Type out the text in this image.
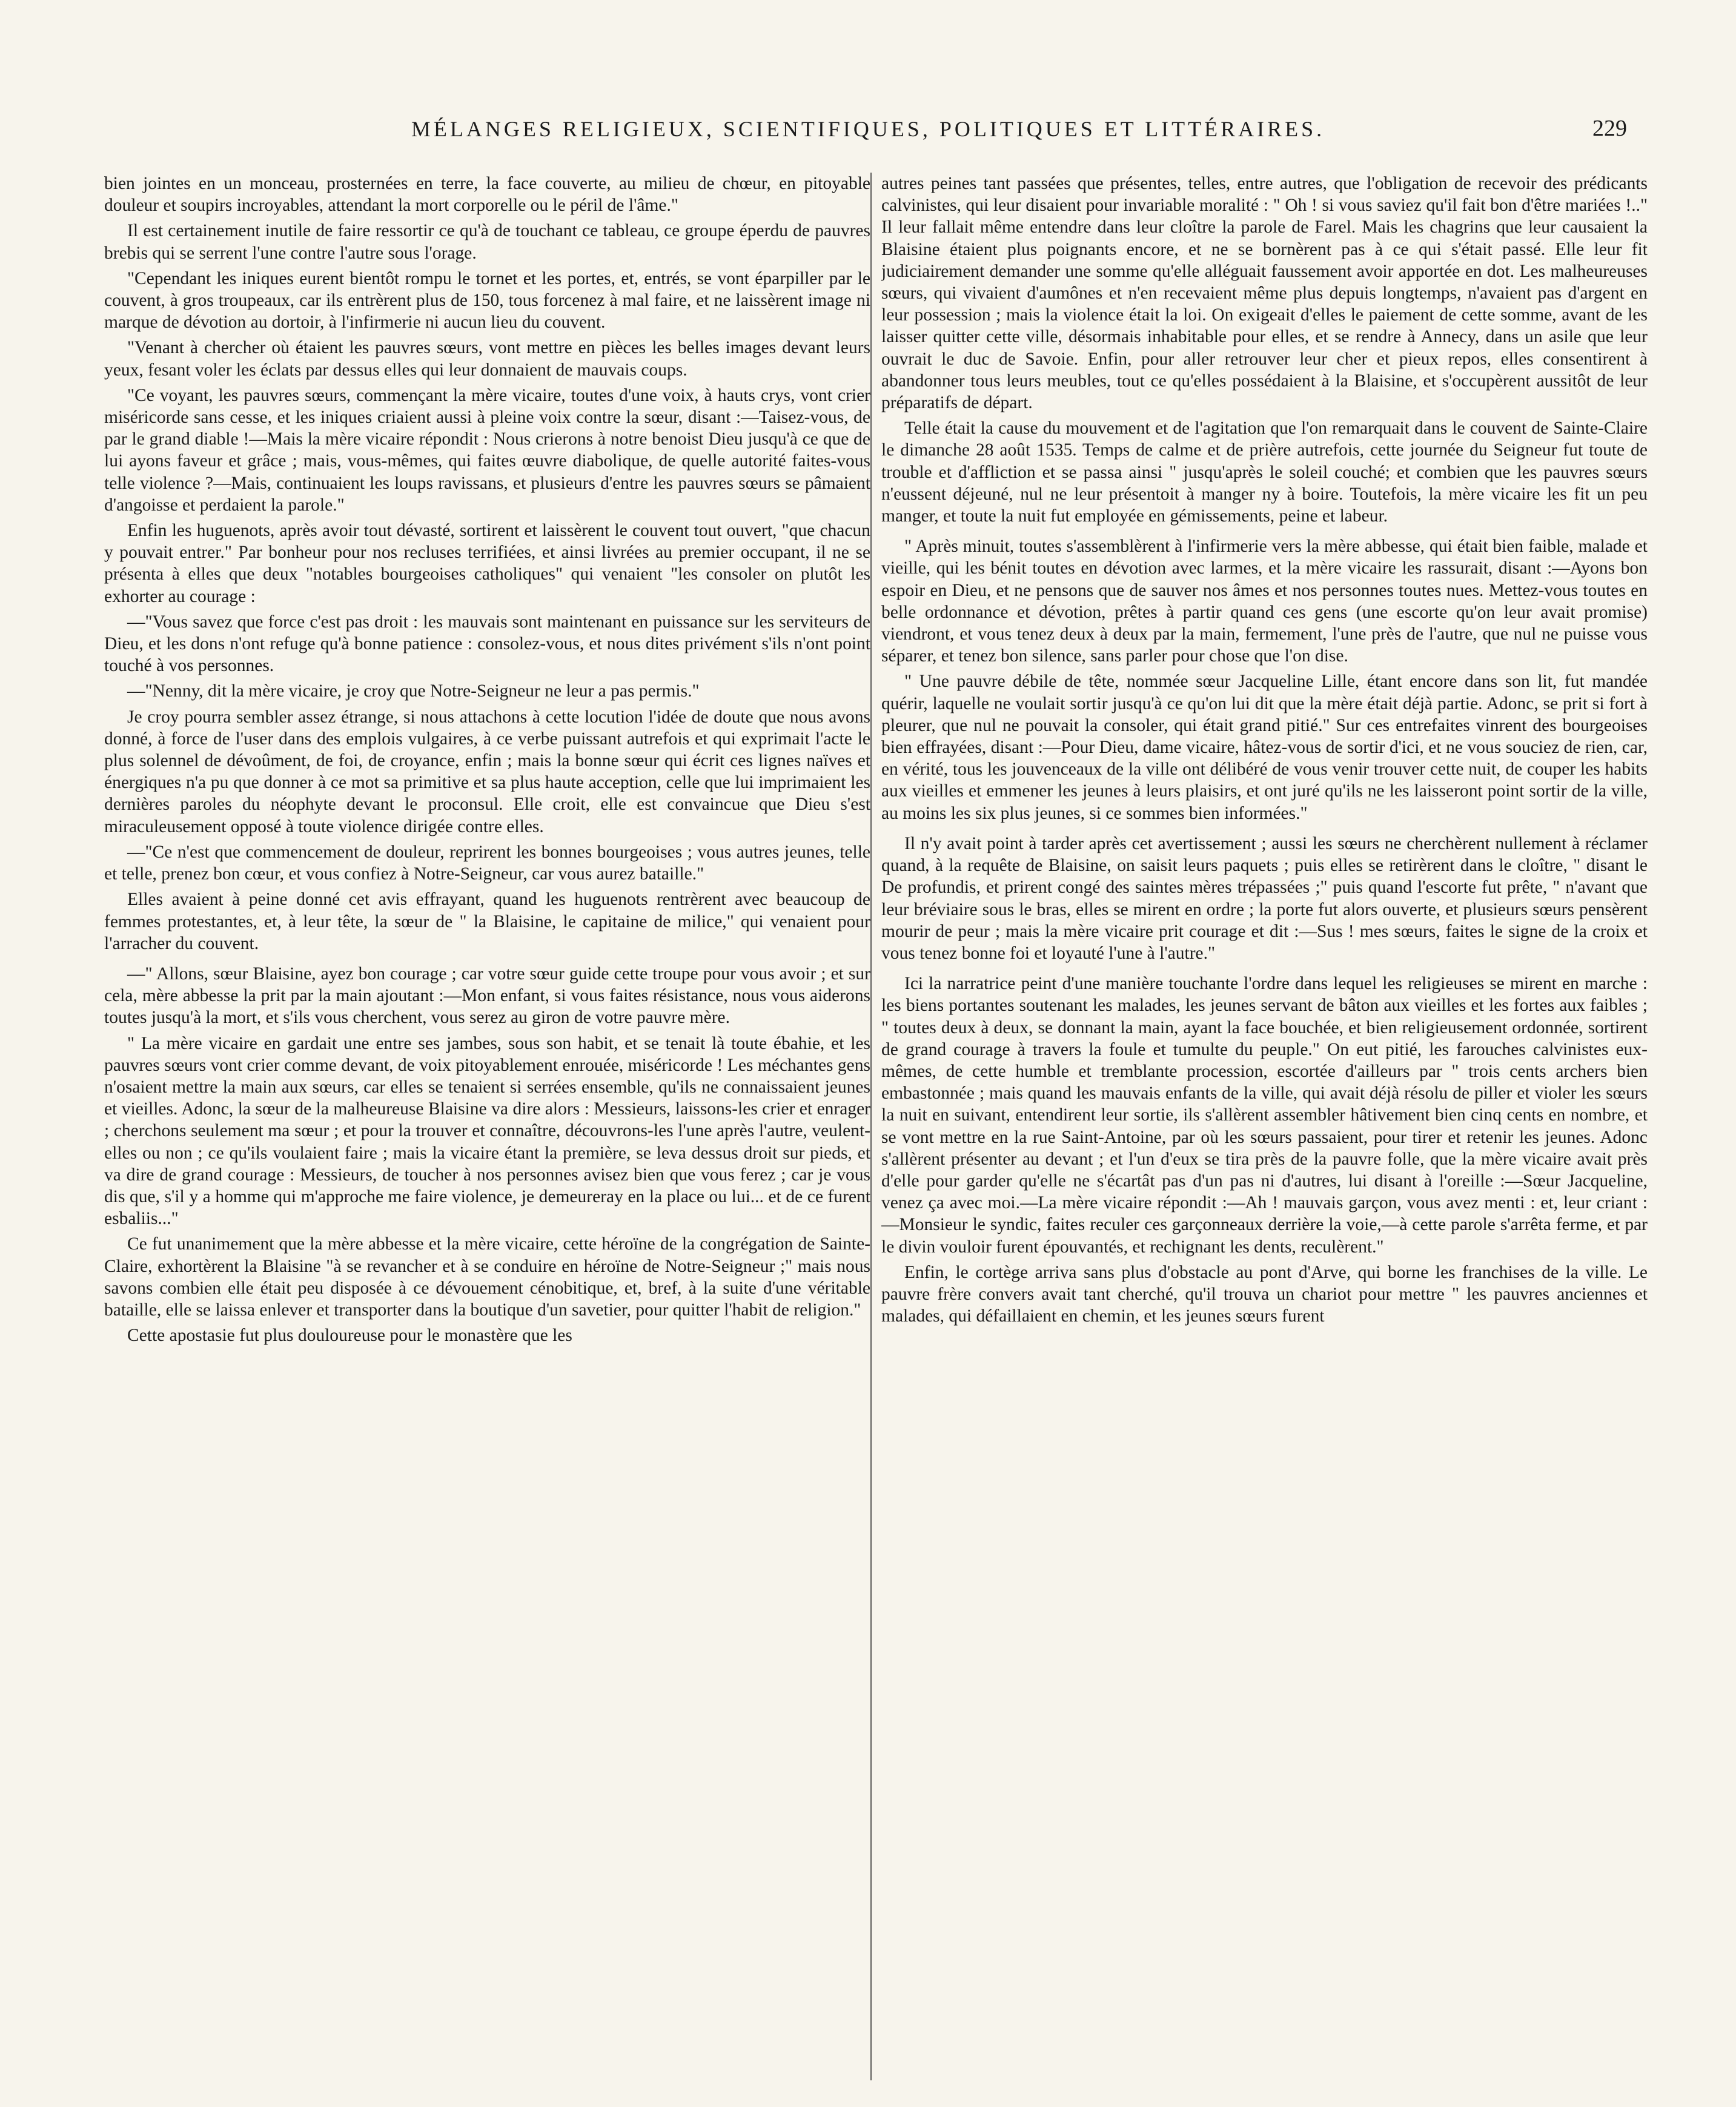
MÉLANGES RELIGIEUX, SCIENTIFIQUES, POLITIQUES ET LITTÉRAIRES.	229

bien jointes en un monceau, prosternées en terre, la face couverte, au milieu de chœur, en pitoyable douleur et soupirs incroyables, attendant la mort corporelle ou le péril de l'âme."

Il est certainement inutile de faire ressortir ce qu'à de touchant ce tableau, ce groupe éperdu de pauvres brebis qui se serrent l'une contre l'autre sous l'orage.

"Cependant les iniques eurent bientôt rompu le tornet et les portes, et, entrés, se vont éparpiller par le couvent, à gros troupeaux, car ils entrèrent plus de 150, tous forcenez à mal faire, et ne laissèrent image ni marque de dévotion au dortoir, à l'infirmerie ni aucun lieu du couvent.

"Venant à chercher où étaient les pauvres sœurs, vont mettre en pièces les belles images devant leurs yeux, fesant voler les éclats par dessus elles qui leur donnaient de mauvais coups.

"Ce voyant, les pauvres sœurs, commençant la mère vicaire, toutes d'une voix, à hauts crys, vont crier miséricorde sans cesse, et les iniques criaient aussi à pleine voix contre la sœur, disant :—Taisez-vous, de par le grand diable !—Mais la mère vicaire répondit : Nous crierons à notre benoist Dieu jusqu'à ce que de lui ayons faveur et grâce ; mais, vous-mêmes, qui faites œuvre diabolique, de quelle autorité faites-vous telle violence ?—Mais, continuaient les loups ravissans, et plusieurs d'entre les pauvres sœurs se pâmaient d'angoisse et perdaient la parole."

Enfin les huguenots, après avoir tout dévasté, sortirent et laissèrent le couvent tout ouvert, "que chacun y pouvait entrer." Par bonheur pour nos recluses terrifiées, et ainsi livrées au premier occupant, il ne se présenta à elles que deux "notables bourgeoises catholiques" qui venaient "les consoler on plutôt les exhorter au courage :

—"Vous savez que force c'est pas droit : les mauvais sont maintenant en puissance sur les serviteurs de Dieu, et les dons n'ont refuge qu'à bonne patience : consolez-vous, et nous dites privément s'ils n'ont point touché à vos personnes.

—"Nenny, dit la mère vicaire, je croy que Notre-Seigneur ne leur a pas permis."

Je croy pourra sembler assez étrange, si nous attachons à cette locution l'idée de doute que nous avons donné, à force de l'user dans des emplois vulgaires, à ce verbe puissant autrefois et qui exprimait l'acte le plus solennel de dévoûment, de foi, de croyance, enfin ; mais la bonne sœur qui écrit ces lignes naïves et énergiques n'a pu que donner à ce mot sa primitive et sa plus haute acception, celle que lui imprimaient les dernières paroles du néophyte devant le proconsul. Elle croit, elle est convaincue que Dieu s'est miraculeusement opposé à toute violence dirigée contre elles.

—"Ce n'est que commencement de douleur, reprirent les bonnes bourgeoises ; vous autres jeunes, telle et telle, prenez bon cœur, et vous confiez à Notre-Seigneur, car vous aurez bataille."

Elles avaient à peine donné cet avis effrayant, quand les huguenots rentrèrent avec beaucoup de femmes protestantes, et, à leur tête, la sœur de " la Blaisine, le capitaine de milice," qui venaient pour l'arracher du couvent.

—" Allons, sœur Blaisine, ayez bon courage ; car votre sœur guide cette troupe pour vous avoir ; et sur cela, mère abbesse la prit par la main ajoutant :—Mon enfant, si vous faites résistance, nous vous aiderons toutes jusqu'à la mort, et s'ils vous cherchent, vous serez au giron de votre pauvre mère.

" La mère vicaire en gardait une entre ses jambes, sous son habit, et se tenait là toute ébahie, et les pauvres sœurs vont crier comme devant, de voix pitoyablement enrouée, miséricorde ! Les méchantes gens n'osaient mettre la main aux sœurs, car elles se tenaient si serrées ensemble, qu'ils ne connaissaient jeunes et vieilles. Adonc, la sœur de la malheureuse Blaisine va dire alors : Messieurs, laissons-les crier et enrager ; cherchons seulement ma sœur ; et pour la trouver et connaître, découvrons-les l'une après l'autre, veulent-elles ou non ; ce qu'ils voulaient faire ; mais la vicaire étant la première, se leva dessus droit sur pieds, et va dire de grand courage : Messieurs, de toucher à nos personnes avisez bien que vous ferez ; car je vous dis que, s'il y a homme qui m'approche me faire violence, je demeureray en la place ou lui... et de ce furent esbaliis..."

Ce fut unanimement que la mère abbesse et la mère vicaire, cette héroïne de la congrégation de Sainte-Claire, exhortèrent la Blaisine "à se revancher et à se conduire en héroïne de Notre-Seigneur ;" mais nous savons combien elle était peu disposée à ce dévouement cénobitique, et, bref, à la suite d'une véritable bataille, elle se laissa enlever et transporter dans la boutique d'un savetier, pour quitter l'habit de religion."

Cette apostasie fut plus douloureuse pour le monastère que les

autres peines tant passées que présentes, telles, entre autres, que l'obligation de recevoir des prédicants calvinistes, qui leur disaient pour invariable moralité : " Oh ! si vous saviez qu'il fait bon d'être mariées !.." Il leur fallait même entendre dans leur cloître la parole de Farel. Mais les chagrins que leur causaient la Blaisine étaient plus poignants encore, et ne se bornèrent pas à ce qui s'était passé. Elle leur fit judiciairement demander une somme qu'elle alléguait faussement avoir apportée en dot. Les malheureuses sœurs, qui vivaient d'aumônes et n'en recevaient même plus depuis longtemps, n'avaient pas d'argent en leur possession ; mais la violence était la loi. On exigeait d'elles le paiement de cette somme, avant de les laisser quitter cette ville, désormais inhabitable pour elles, et se rendre à Annecy, dans un asile que leur ouvrait le duc de Savoie. Enfin, pour aller retrouver leur cher et pieux repos, elles consentirent à abandonner tous leurs meubles, tout ce qu'elles possédaient à la Blaisine, et s'occupèrent aussitôt de leur préparatifs de départ.

Telle était la cause du mouvement et de l'agitation que l'on remarquait dans le couvent de Sainte-Claire le dimanche 28 août 1535. Temps de calme et de prière autrefois, cette journée du Seigneur fut toute de trouble et d'affliction et se passa ainsi " jusqu'après le soleil couché; et combien que les pauvres sœurs n'eussent déjeuné, nul ne leur présentoit à manger ny à boire. Toutefois, la mère vicaire les fit un peu manger, et toute la nuit fut employée en gémissements, peine et labeur.

" Après minuit, toutes s'assemblèrent à l'infirmerie vers la mère abbesse, qui était bien faible, malade et vieille, qui les bénit toutes en dévotion avec larmes, et la mère vicaire les rassurait, disant :—Ayons bon espoir en Dieu, et ne pensons que de sauver nos âmes et nos personnes toutes nues. Mettez-vous toutes en belle ordonnance et dévotion, prêtes à partir quand ces gens (une escorte qu'on leur avait promise) viendront, et vous tenez deux à deux par la main, fermement, l'une près de l'autre, que nul ne puisse vous séparer, et tenez bon silence, sans parler pour chose que l'on dise.

" Une pauvre débile de tête, nommée sœur Jacqueline Lille, étant encore dans son lit, fut mandée quérir, laquelle ne voulait sortir jusqu'à ce qu'on lui dit que la mère était déjà partie. Adonc, se prit si fort à pleurer, que nul ne pouvait la consoler, qui était grand pitié." Sur ces entrefaites vinrent des bourgeoises bien effrayées, disant :—Pour Dieu, dame vicaire, hâtez-vous de sortir d'ici, et ne vous souciez de rien, car, en vérité, tous les jouvenceaux de la ville ont délibéré de vous venir trouver cette nuit, de couper les habits aux vieilles et emmener les jeunes à leurs plaisirs, et ont juré qu'ils ne les laisseront point sortir de la ville, au moins les six plus jeunes, si ce sommes bien informées."

Il n'y avait point à tarder après cet avertissement ; aussi les sœurs ne cherchèrent nullement à réclamer quand, à la requête de Blaisine, on saisit leurs paquets ; puis elles se retirèrent dans le cloître, " disant le De profundis, et prirent congé des saintes mères trépassées ;" puis quand l'escorte fut prête, " n'avant que leur bréviaire sous le bras, elles se mirent en ordre ; la porte fut alors ouverte, et plusieurs sœurs pensèrent mourir de peur ; mais la mère vicaire prit courage et dit :—Sus ! mes sœurs, faites le signe de la croix et vous tenez bonne foi et loyauté l'une à l'autre."

Ici la narratrice peint d'une manière touchante l'ordre dans lequel les religieuses se mirent en marche : les biens portantes soutenant les malades, les jeunes servant de bâton aux vieilles et les fortes aux faibles ; " toutes deux à deux, se donnant la main, ayant la face bouchée, et bien religieusement ordonnée, sortirent de grand courage à travers la foule et tumulte du peuple." On eut pitié, les farouches calvinistes eux-mêmes, de cette humble et tremblante procession, escortée d'ailleurs par " trois cents archers bien embastonnée ; mais quand les mauvais enfants de la ville, qui avait déjà résolu de piller et violer les sœurs la nuit en suivant, entendirent leur sortie, ils s'allèrent assembler hâtivement bien cinq cents en nombre, et se vont mettre en la rue Saint-Antoine, par où les sœurs passaient, pour tirer et retenir les jeunes. Adonc s'allèrent présenter au devant ; et l'un d'eux se tira près de la pauvre folle, que la mère vicaire avait près d'elle pour garder qu'elle ne s'écartât pas d'un pas ni d'autres, lui disant à l'oreille :—Sœur Jacqueline, venez ça avec moi.—La mère vicaire répondit :—Ah ! mauvais garçon, vous avez menti : et, leur criant :—Monsieur le syndic, faites reculer ces garçonneaux derrière la voie,—à cette parole s'arrêta ferme, et par le divin vouloir furent épouvantés, et rechignant les dents, reculèrent."

Enfin, le cortège arriva sans plus d'obstacle au pont d'Arve, qui borne les franchises de la ville. Le pauvre frère convers avait tant cherché, qu'il trouva un chariot pour mettre " les pauvres anciennes et malades, qui défaillaient en chemin, et les jeunes sœurs furent
